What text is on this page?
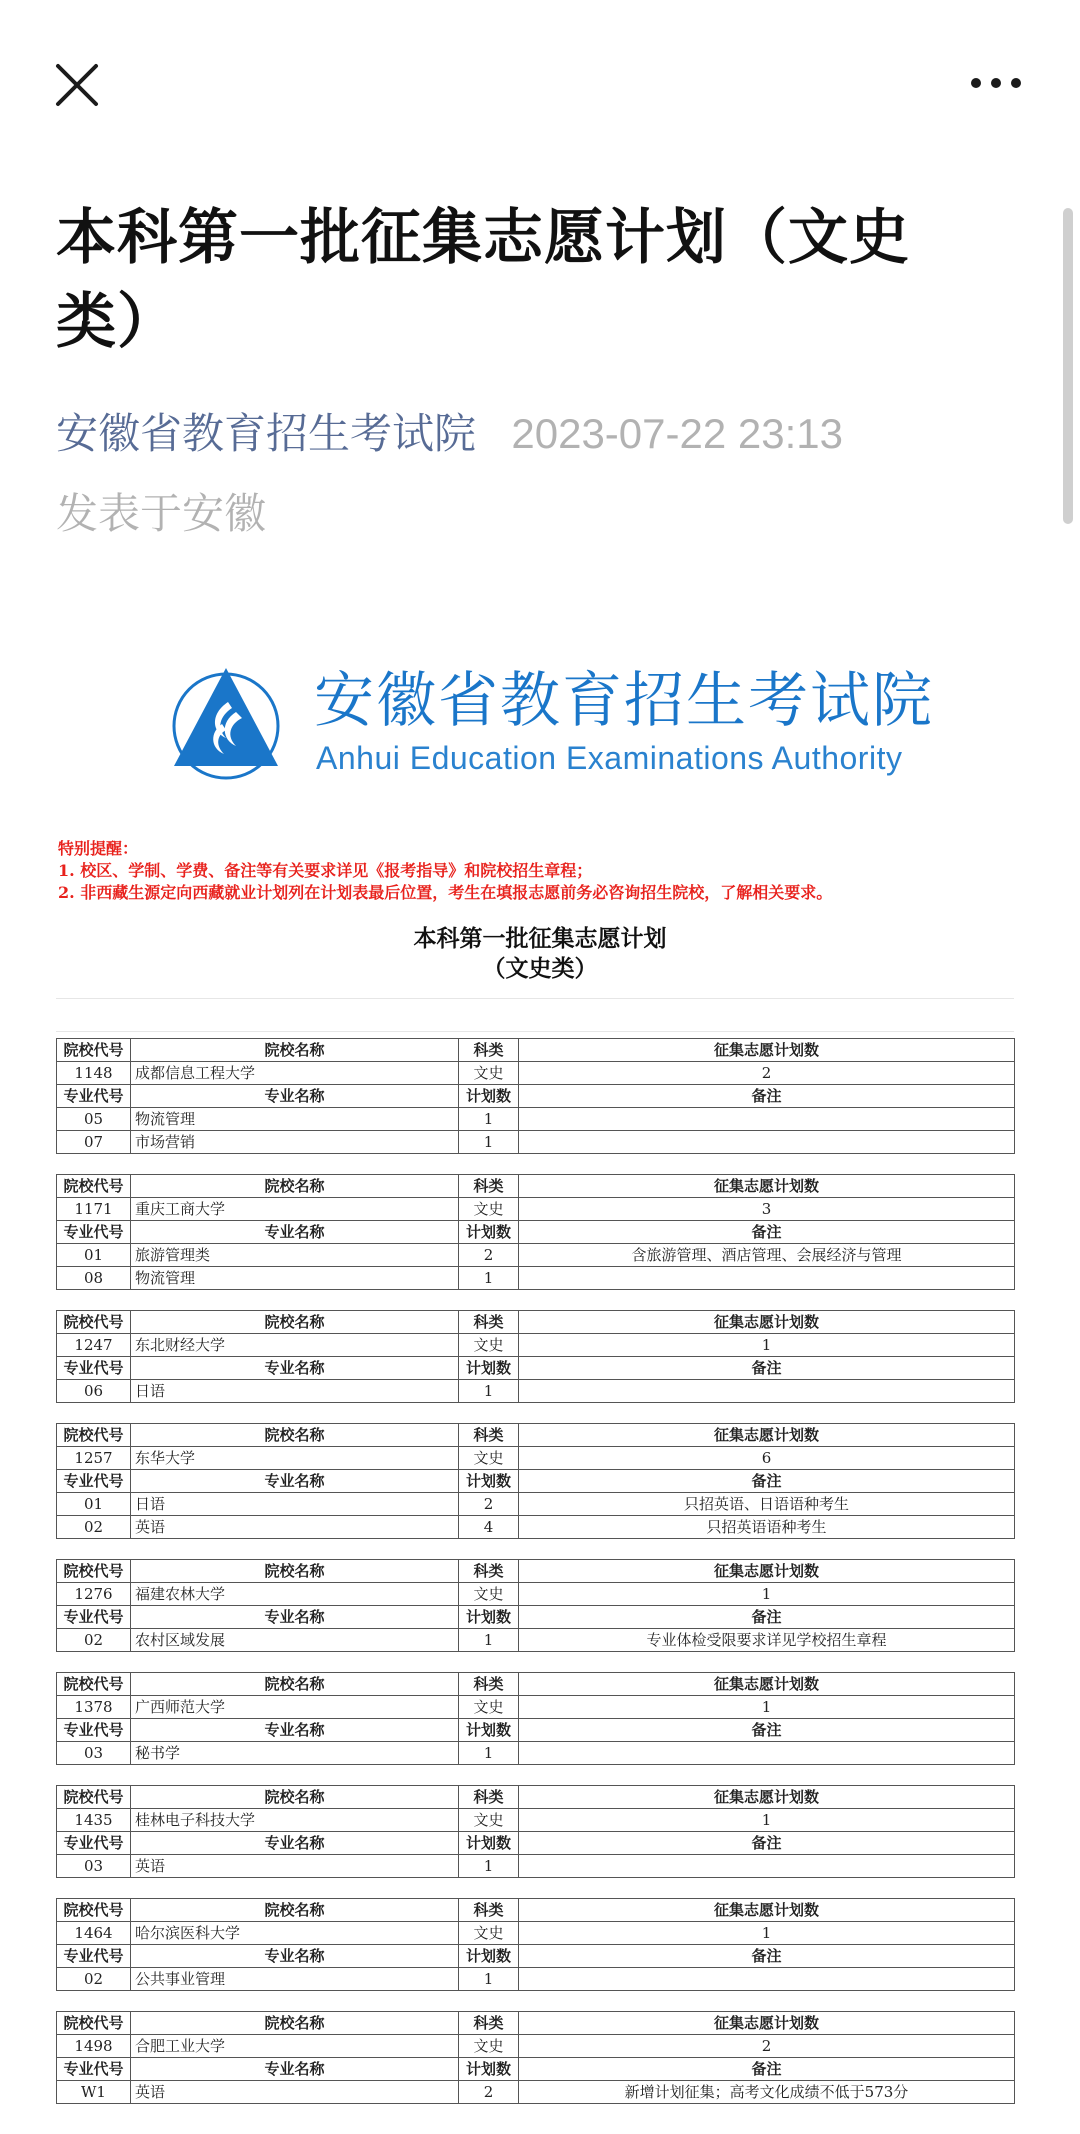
本科第一批征集志愿计划（文史类）
安徽省教育招生考试院 2023-07-22 23:13
发表于安徽
安徽省教育招生考试院
Anhui Education Examinations Authority
特别提醒：
1. 校区、学制、学费、备注等有关要求详见《报考指导》和院校招生章程；
2. 非西藏生源定向西藏就业计划列在计划表最后位置，考生在填报志愿前务必咨询招生院校，了解相关要求。
本科第一批征集志愿计划
（文史类）
院校代号	院校名称	科类	征集志愿计划数
1148	成都信息工程大学	文史	2
专业代号	专业名称	计划数	备注
05	物流管理	1	
07	市场营销	1	
院校代号	院校名称	科类	征集志愿计划数
1171	重庆工商大学	文史	3
专业代号	专业名称	计划数	备注
01	旅游管理类	2	含旅游管理、酒店管理、会展经济与管理
08	物流管理	1	
院校代号	院校名称	科类	征集志愿计划数
1247	东北财经大学	文史	1
专业代号	专业名称	计划数	备注
06	日语	1	
院校代号	院校名称	科类	征集志愿计划数
1257	东华大学	文史	6
专业代号	专业名称	计划数	备注
01	日语	2	只招英语、日语语种考生
02	英语	4	只招英语语种考生
院校代号	院校名称	科类	征集志愿计划数
1276	福建农林大学	文史	1
专业代号	专业名称	计划数	备注
02	农村区域发展	1	专业体检受限要求详见学校招生章程
院校代号	院校名称	科类	征集志愿计划数
1378	广西师范大学	文史	1
专业代号	专业名称	计划数	备注
03	秘书学	1	
院校代号	院校名称	科类	征集志愿计划数
1435	桂林电子科技大学	文史	1
专业代号	专业名称	计划数	备注
03	英语	1	
院校代号	院校名称	科类	征集志愿计划数
1464	哈尔滨医科大学	文史	1
专业代号	专业名称	计划数	备注
02	公共事业管理	1	
院校代号	院校名称	科类	征集志愿计划数
1498	合肥工业大学	文史	2
专业代号	专业名称	计划数	备注
W1	英语	2	新增计划征集；高考文化成绩不低于573分
